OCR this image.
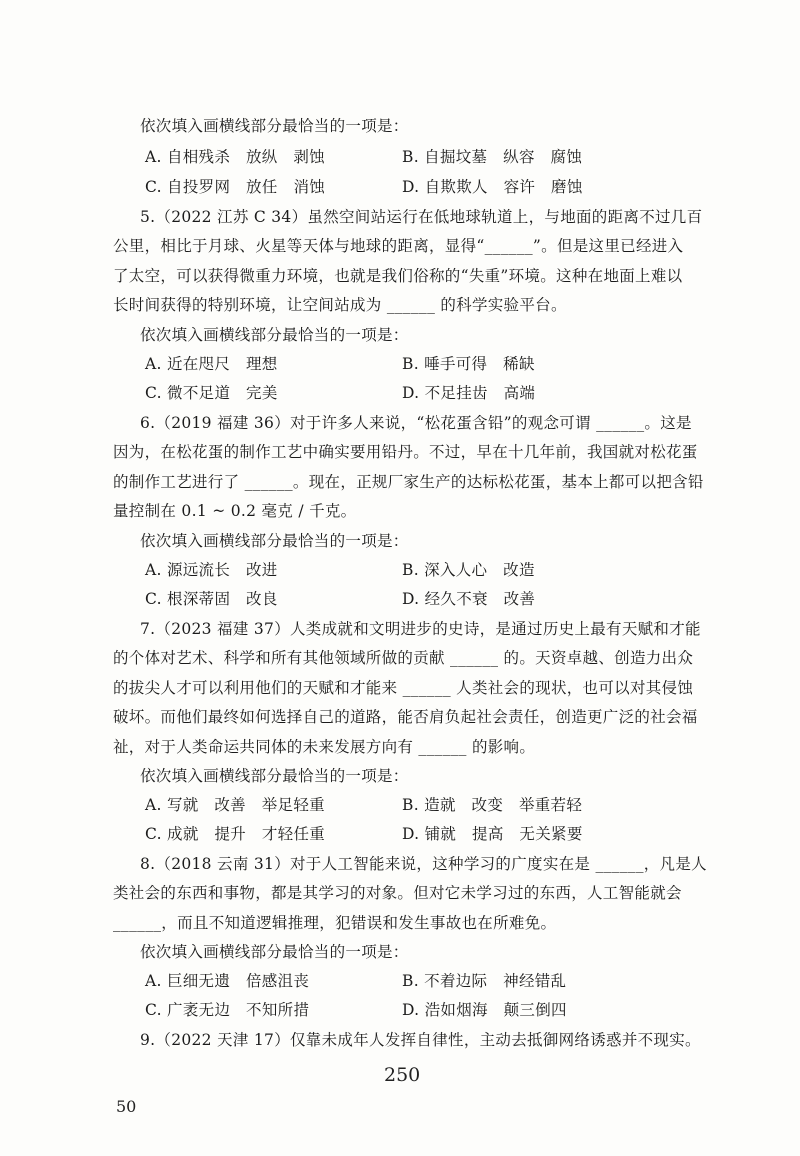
依次填入画横线部分最恰当的一项是：
A. 自相残杀　放纵　剥蚀	B. 自掘坟墓　纵容　腐蚀
C. 自投罗网　放任　消蚀	D. 自欺欺人　容许　磨蚀
5.（2022 江苏 C 34）虽然空间站运行在低地球轨道上，与地面的距离不过几百
公里，相比于月球、火星等天体与地球的距离，显得“______”。但是这里已经进入
了太空，可以获得微重力环境，也就是我们俗称的“失重”环境。这种在地面上难以
长时间获得的特别环境，让空间站成为 ______ 的科学实验平台。
依次填入画横线部分最恰当的一项是：
A. 近在咫尺　理想	B. 唾手可得　稀缺
C. 微不足道　完美	D. 不足挂齿　高端
6.（2019 福建 36）对于许多人来说，“松花蛋含铅”的观念可谓 ______。这是
因为，在松花蛋的制作工艺中确实要用铅丹。不过，早在十几年前，我国就对松花蛋
的制作工艺进行了 ______。现在，正规厂家生产的达标松花蛋，基本上都可以把含铅
量控制在 0.1 ~ 0.2 毫克 / 千克。
依次填入画横线部分最恰当的一项是：
A. 源远流长　改进	B. 深入人心　改造
C. 根深蒂固　改良	D. 经久不衰　改善
7.（2023 福建 37）人类成就和文明进步的史诗，是通过历史上最有天赋和才能
的个体对艺术、科学和所有其他领域所做的贡献 ______ 的。天资卓越、创造力出众
的拔尖人才可以利用他们的天赋和才能来 ______ 人类社会的现状，也可以对其侵蚀
破坏。而他们最终如何选择自己的道路，能否肩负起社会责任，创造更广泛的社会福
祉，对于人类命运共同体的未来发展方向有 ______ 的影响。
依次填入画横线部分最恰当的一项是：
A. 写就　改善　举足轻重	B. 造就　改变　举重若轻
C. 成就　提升　才轻任重	D. 铺就　提高　无关紧要
8.（2018 云南 31）对于人工智能来说，这种学习的广度实在是 ______，凡是人
类社会的东西和事物，都是其学习的对象。但对它未学习过的东西，人工智能就会
______，而且不知道逻辑推理，犯错误和发生事故也在所难免。
依次填入画横线部分最恰当的一项是：
A. 巨细无遗　倍感沮丧	B. 不着边际　神经错乱
C. 广袤无边　不知所措	D. 浩如烟海　颠三倒四
9.（2022 天津 17）仅靠未成年人发挥自律性，主动去抵御网络诱惑并不现实。
250
50
